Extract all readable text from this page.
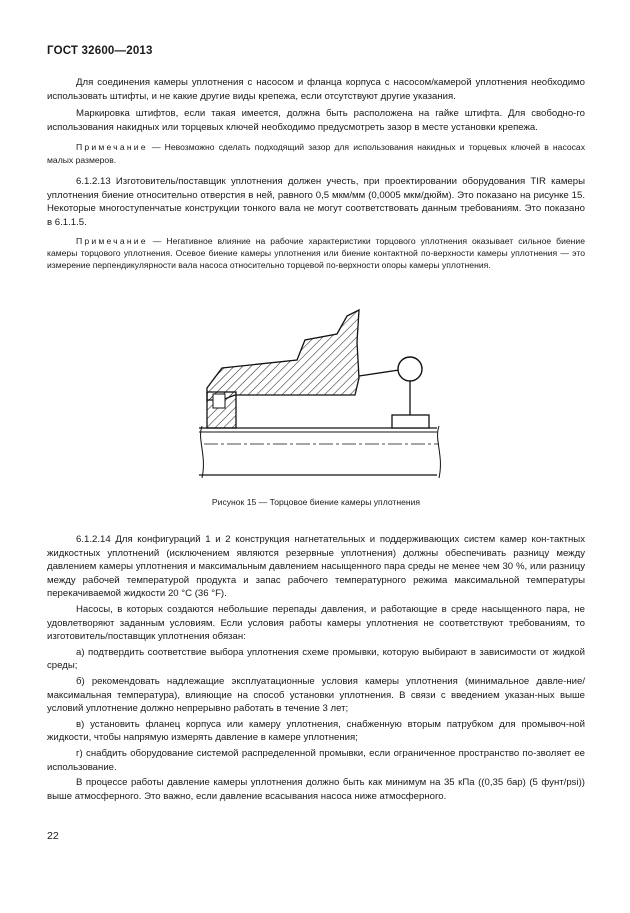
ГОСТ 32600—2013

Для соединения камеры уплотнения с насосом и фланца корпуса с насосом/камерой уплотнения необходимо использовать штифты, и не какие другие виды крепежа, если отсутствуют другие указания.

Маркировка штифтов, если такая имеется, должна быть расположена на гайке штифта. Для свободно-го использования накидных или торцевых ключей необходимо предусмотреть зазор в месте установки крепежа.

Примечание — Невозможно сделать подходящий зазор для использования накидных и торцевых ключей в насосах малых размеров.

6.1.2.13 Изготовитель/поставщик уплотнения должен учесть, при проектировании оборудования TIR камеры уплотнения биение относительно отверстия в ней, равного 0,5 мкм/мм (0,0005 мкм/дюйм). Это показано на рисунке 15. Некоторые многоступенчатые конструкции тонкого вала не могут соответствовать данным требованиям. Это показано в 6.1.1.5.

Примечание — Негативное влияние на рабочие характеристики торцового уплотнения оказывает сильное биение камеры торцового уплотнения. Осевое биение камеры уплотнения или биение контактной по-верхности камеры уплотнения — это измерение перпендикулярности вала насоса относительно торцевой по-верхности опоры камеры уплотнения.

Рисунок 15 — Торцовое биение камеры уплотнения

6.1.2.14 Для конфигураций 1 и 2 конструкция нагнетательных и поддерживающих систем камер кон-тактных жидкостных уплотнений (исключением являются резервные уплотнения) должны обеспечивать разницу между давлением камеры уплотнения и максимальным давлением насыщенного пара среды не менее чем 30 %, или разницу между рабочей температурой продукта и запас рабочего температурного режима максимальной температуры перекачиваемой жидкости 20 °С (36 °F).

Насосы, в которых создаются небольшие перепады давления, и работающие в среде насыщенного пара, не удовлетворяют заданным условиям. Если условия работы камеры уплотнения не соответствуют требованиям, то изготовитель/поставщик уплотнения обязан:

а) подтвердить соответствие выбора уплотнения схеме промывки, которую выбирают в зависимости от жидкой среды;

б) рекомендовать надлежащие эксплуатационные условия камеры уплотнения (минимальное давле-ние/максимальная температура), влияющие на способ установки уплотнения. В связи с введением указан-ных выше условий уплотнение должно непрерывно работать в течение 3 лет;

в) установить фланец корпуса или камеру уплотнения, снабженную вторым патрубком для промывоч-ной жидкости, чтобы напрямую измерять давление в камере уплотнения;

г) снабдить оборудование системой распределенной промывки, если ограниченное пространство по-зволяет ее использование.

В процессе работы давление камеры уплотнения должно быть как минимум на 35 кПа ((0,35 бар) (5 фунт/psi)) выше атмосферного. Это важно, если давление всасывания насоса ниже атмосферного.

22
